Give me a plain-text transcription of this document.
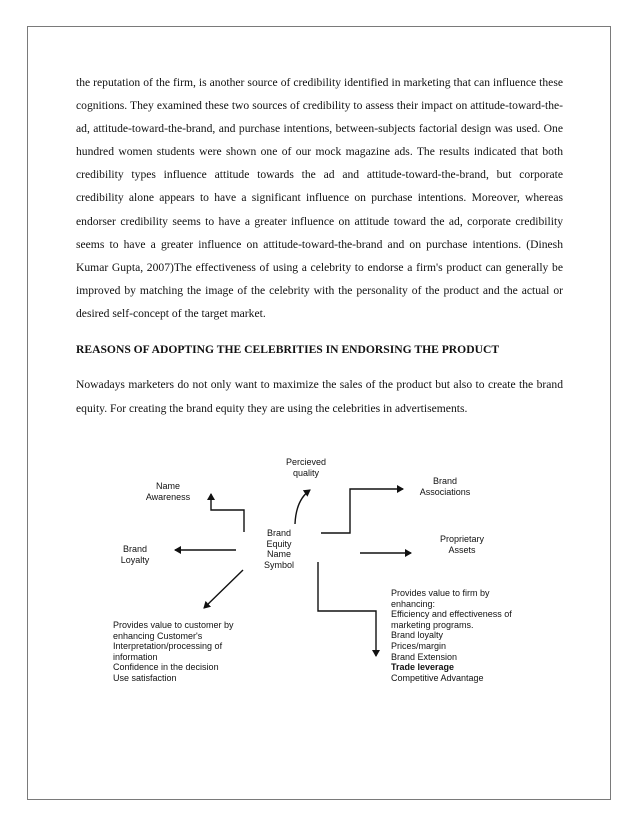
the reputation of the firm, is another source of credibility identified in marketing that can influence these cognitions. They examined these two sources of credibility to assess their impact on attitude-toward-the-ad, attitude-toward-the-brand, and purchase intentions, between-subjects factorial design was used. One hundred women students were shown one of our mock magazine ads. The results indicated that both credibility types influence attitude towards the ad and attitude-toward-the-brand, but corporate credibility alone appears to have a significant influence on purchase intentions. Moreover, whereas endorser credibility seems to have a greater influence on attitude toward the ad, corporate credibility seems to have a greater influence on attitude-toward-the-brand and on purchase intentions. (Dinesh Kumar Gupta, 2007)The effectiveness of using a celebrity to endorse a firm's product can generally be improved by matching the image of the celebrity with the personality of the product and the actual or desired self-concept of the target market.

REASONS OF ADOPTING THE CELEBRITIES IN ENDORSING THE PRODUCT

Nowadays marketers do not only want to maximize the sales of the product but also to create the brand equity. For creating the brand equity they are using the celebrities in advertisements.

Brand
Equity
Name
Symbol
Percieved
quality
Name
Awareness
Brand
Loyalty
Brand
Associations
Proprietary
Assets
Provides value to customer by
enhancing Customer's
Interpretation/processing of
information
Confidence in the decision
Use satisfaction
Provides value to firm by
enhancing:
Efficiency and effectiveness of
marketing programs.
Brand loyalty
Prices/margin
Brand Extension
Trade leverage
Competitive Advantage
